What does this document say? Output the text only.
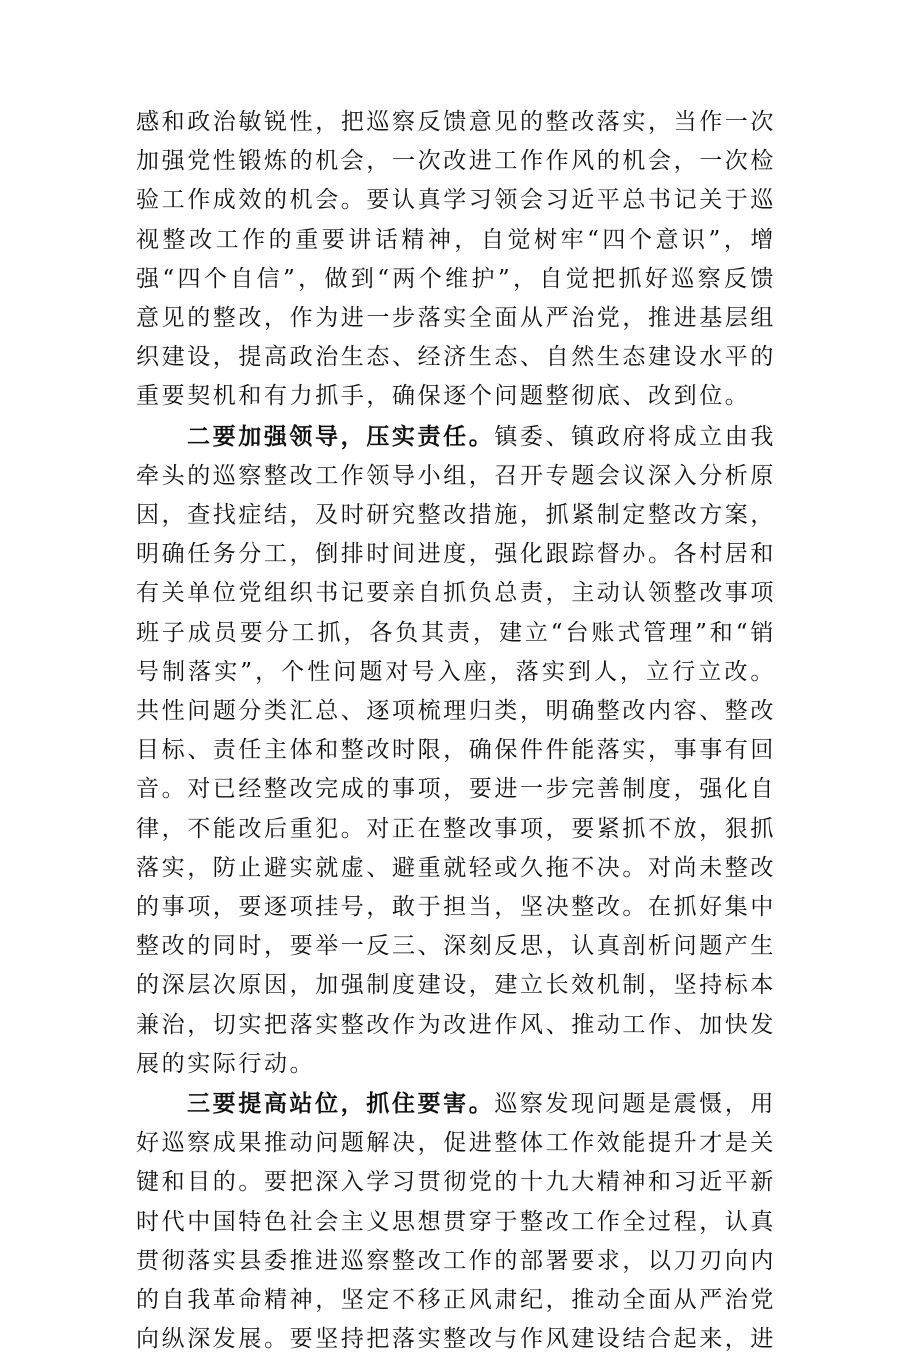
感和政治敏锐性，把巡察反馈意见的整改落实，当作一次加强党性锻炼的机会，一次改进工作作风的机会，一次检验工作成效的机会。要认真学习领会习近平总书记关于巡视整改工作的重要讲话精神，自觉树牢“四个意识”，增强“四个自信”，做到“两个维护”，自觉把抓好巡察反馈意见的整改，作为进一步落实全面从严治党，推进基层组织建设，提高政治生态、经济生态、自然生态建设水平的重要契机和有力抓手，确保逐个问题整彻底、改到位。

二要加强领导，压实责任。镇委、镇政府将成立由我牵头的巡察整改工作领导小组，召开专题会议深入分析原因，查找症结，及时研究整改措施，抓紧制定整改方案，明确任务分工，倒排时间进度，强化跟踪督办。各村居和有关单位党组织书记要亲自抓负总责，主动认领整改事项班子成员要分工抓，各负其责，建立“台账式管理”和“销号制落实”，个性问题对号入座，落实到人，立行立改。共性问题分类汇总、逐项梳理归类，明确整改内容、整改目标、责任主体和整改时限，确保件件能落实，事事有回音。对已经整改完成的事项，要进一步完善制度，强化自律，不能改后重犯。对正在整改事项，要紧抓不放，狠抓落实，防止避实就虚、避重就轻或久拖不决。对尚未整改的事项，要逐项挂号，敢于担当，坚决整改。在抓好集中整改的同时，要举一反三、深刻反思，认真剖析问题产生的深层次原因，加强制度建设，建立长效机制，坚持标本兼治，切实把落实整改作为改进作风、推动工作、加快发展的实际行动。

三要提高站位，抓住要害。巡察发现问题是震慑，用好巡察成果推动问题解决，促进整体工作效能提升才是关键和目的。要把深入学习贯彻党的十九大精神和习近平新时代中国特色社会主义思想贯穿于整改工作全过程，认真贯彻落实县委推进巡察整改工作的部署要求，以刀刃向内的自我革命精神，坚定不移正风肃纪，推动全面从严治党向纵深发展。要坚持把落实整改与作风建设结合起来，进
